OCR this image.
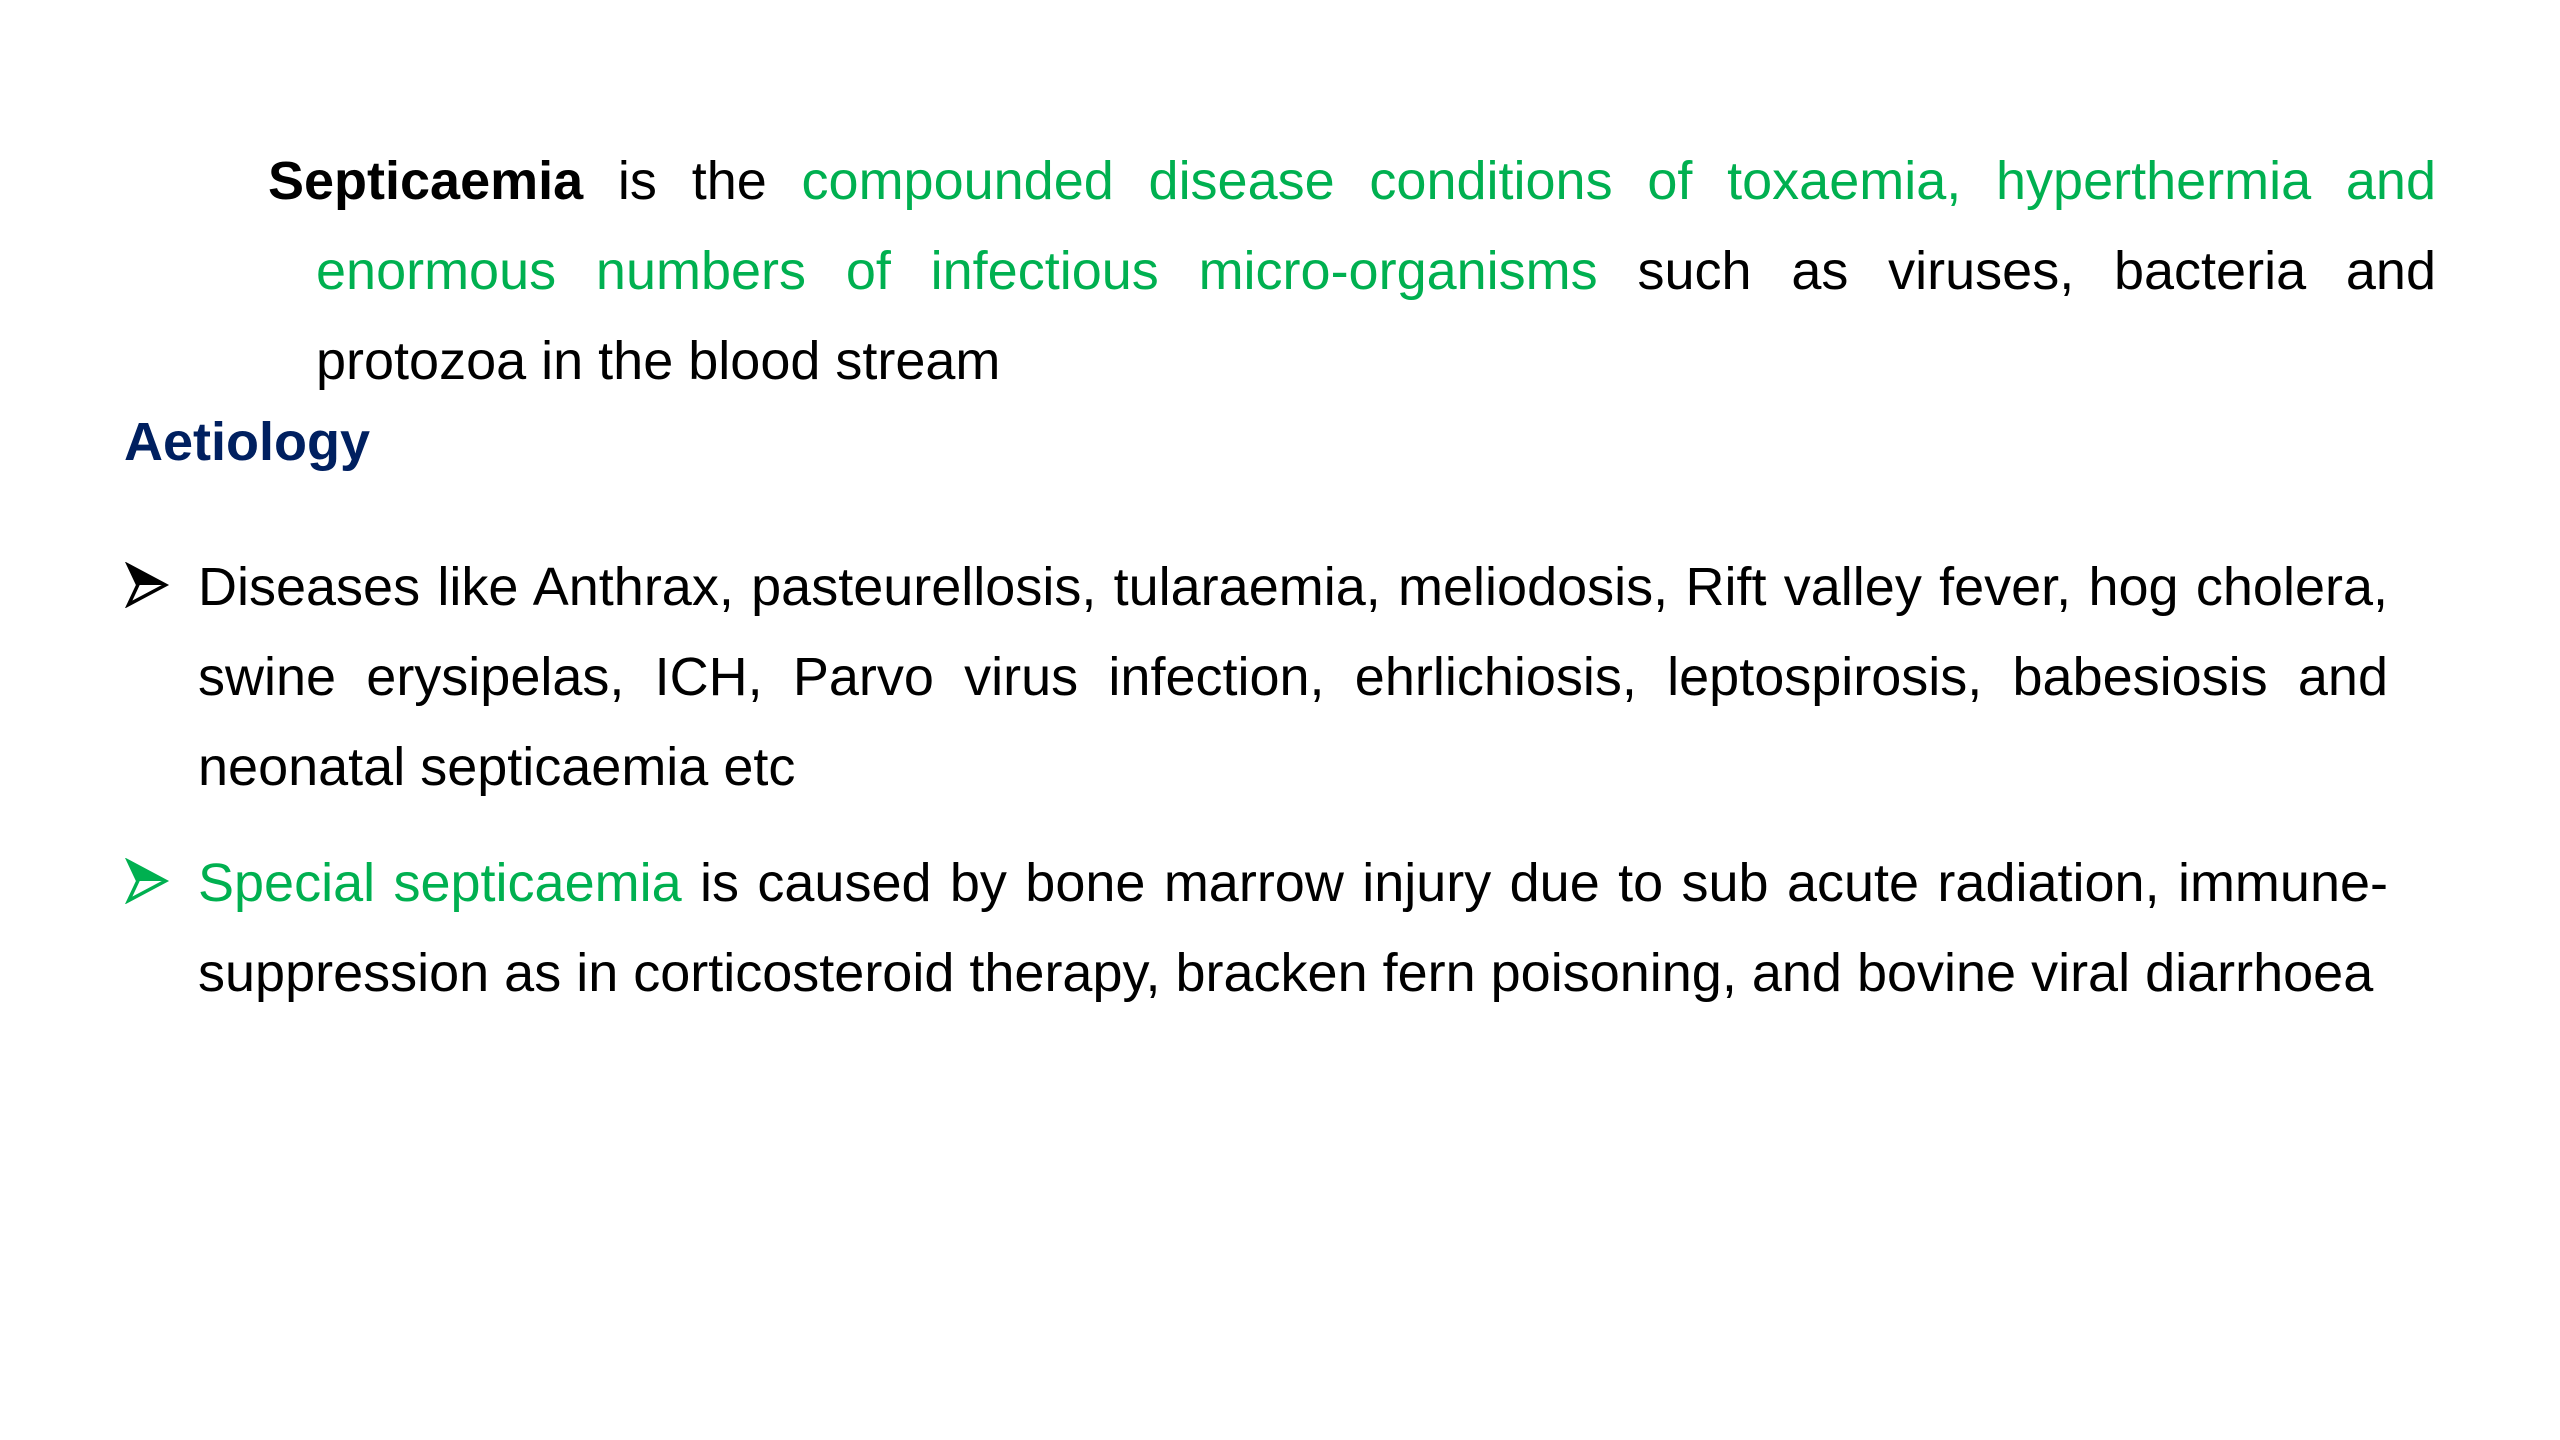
Septicaemia is the compounded disease conditions of toxaemia, hyperthermia and enormous numbers of infectious micro-organisms such as viruses, bacteria and protozoa in the blood stream

Aetiology
Diseases like Anthrax, pasteurellosis, tularaemia, meliodosis, Rift valley fever, hog cholera, swine erysipelas, ICH, Parvo virus infection, ehrlichiosis, leptospirosis, babesiosis and neonatal septicaemia etc
Special septicaemia is caused by bone marrow injury due to sub acute radiation, immune-suppression as in corticosteroid therapy, bracken fern poisoning, and bovine viral diarrhoea
